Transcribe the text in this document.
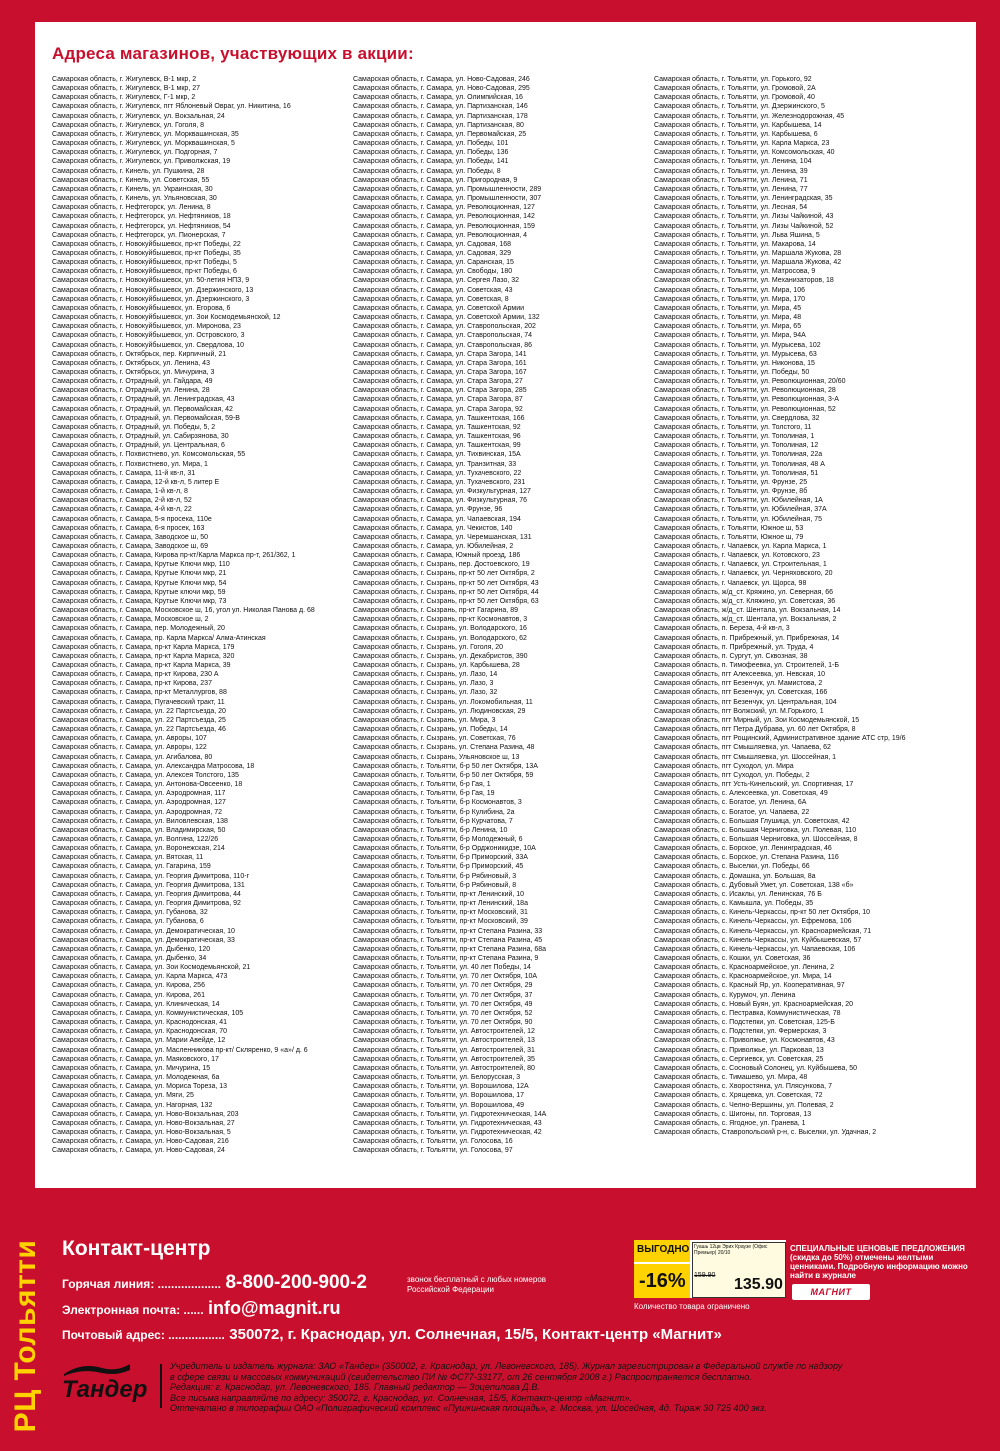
Адреса магазинов, участвующих в акции:
Самарская область, г. Жигулевск, В-1 мкр, 2
Самарская область, г. Жигулевск, В-1 мкр, 27
Самарская область, г. Жигулевск, Г-1 мкр, 2
Самарская область, г. Жигулевск, пгт Яблоневый Овраг, ул. Никитина, 16
Самарская область, г. Жигулевск, ул. Вокзальная, 24
Самарская область, г. Жигулевск, ул. Гоголя, 8
Самарская область, г. Жигулевск, ул. Морквашинская, 35
Самарская область, г. Жигулевск, ул. Морквашинская, 5
Самарская область, г. Жигулевск, ул. Подгорная, 7
Самарская область, г. Жигулевск, ул. Приволжская, 19
Самарская область, г. Кинель, ул. Пушкина, 28
Самарская область, г. Кинель, ул. Советская, 55
Самарская область, г. Кинель, ул. Украинская, 30
Самарская область, г. Кинель, ул. Ульяновская, 30
Самарская область, г. Нефтегорск, ул. Ленина, 8
Самарская область, г. Нефтегорск, ул. Нефтяников, 18
Самарская область, г. Нефтегорск, ул. Нефтяников, 54
Самарская область, г. Нефтегорск, ул. Пионерская, 7
Самарская область, г. Новокуйбышевск, пр-кт Победы, 22
Самарская область, г. Новокуйбышевск, пр-кт Победы, 35
Самарская область, г. Новокуйбышевск, пр-кт Победы, 5
Самарская область, г. Новокуйбышевск, пр-кт Победы, 6
Самарская область, г. Новокуйбышевск, ул. 50-летия НПЗ, 9
Самарская область, г. Новокуйбышевск, ул. Дзержинского, 13
Самарская область, г. Новокуйбышевск, ул. Дзержинского, 3
Самарская область, г. Новокуйбышевск, ул. Егорова, 6
Самарская область, г. Новокуйбышевск, ул. Зои Космодемьянской, 12
Самарская область, г. Новокуйбышевск, ул. Миронова, 23
Самарская область, г. Новокуйбышевск, ул. Островского, 3
Самарская область, г. Новокуйбышевск, ул. Свердлова, 10
Самарская область, г. Октябрьск, пер. Кирпичный, 21
Самарская область, г. Октябрьск, ул. Ленина, 43
Самарская область, г. Октябрьск, ул. Мичурина, 3
Самарская область, г. Отрадный, ул. Гайдара, 49
Самарская область, г. Отрадный, ул. Ленина, 28
Самарская область, г. Отрадный, ул. Ленинградская, 43
Самарская область, г. Отрадный, ул. Первомайская, 42
Самарская область, г. Отрадный, ул. Первомайская, 59-В
Самарская область, г. Отрадный, ул. Победы, 5, 2
Самарская область, г. Отрадный, ул. Сабирзянова, 30
Самарская область, г. Отрадный, ул. Центральная, 6
Самарская область, г. Похвистнево, ул. Комсомольская, 55
Самарская область, г. Похвистнево, ул. Мира, 1
Самарская область, г. Самара, 11-й кв-л, 31
Самарская область, г. Самара, 12-й кв-л, 5 литер Е
Самарская область, г. Самара, 1-й кв-л, 8
Самарская область, г. Самара, 2-й кв-л, 52
Самарская область, г. Самара, 4-й кв-л, 22
Самарская область, г. Самара, 5-я просека, 110е
Самарская область, г. Самара, 6-я просек, 163
Самарская область, г. Самара, Заводское ш, 50
Самарская область, г. Самара, Заводское ш, 69
Самарская область, г. Самара, Кирова пр-кт/Карла Маркса пр-т, 261/362, 1
Самарская область, г. Самара, Крутые Ключи мкр, 110
Самарская область, г. Самара, Крутые Ключи мкр, 21
Самарская область, г. Самара, Крутые Ключи мкр, 54
Самарская область, г. Самара, Крутые ключи мкр, 59
Самарская область, г. Самара, Крутые Ключи мкр, 73
Самарская область, г. Самара, Московское ш, 16, угол ул. Николая Панова д. 68
Самарская область, г. Самара, Московское ш, 2
Самарская область, г. Самара, пер. Молодежный, 20
Самарская область, г. Самара, пр. Карла Маркса/ Алма-Атинская
Самарская область, г. Самара, пр-кт Карла Маркса, 179
Самарская область, г. Самара, пр-кт Карла Маркса, 320
Самарская область, г. Самара, пр-кт Карла Маркса, 39
Самарская область, г. Самара, пр-кт Кирова, 230 А
Самарская область, г. Самара, пр-кт Кирова, 237
Самарская область, г. Самара, пр-кт Металлургов, 88
Самарская область, г. Самара, Пугачевский тракт, 11
Самарская область, г. Самара, ул. 22 Партсъезда, 20
Самарская область, г. Самара, ул. 22 Партсъезда, 25
Самарская область, г. Самара, ул. 22 Партсъезда, 46
Самарская область, г. Самара, ул. Авроры, 107
Самарская область, г. Самара, ул. Авроры, 122
Самарская область, г. Самара, ул. Агибалова, 80
Самарская область, г. Самара, ул. Александра Матросова, 18
Самарская область, г. Самара, ул. Алексея Толстого, 135
Самарская область, г. Самара, ул. Антонова-Овсеенко, 18
Самарская область, г. Самара, ул. Аэродромная, 117
Самарская область, г. Самара, ул. Аэродромная, 127
Самарская область, г. Самара, ул. Аэродромная, 72
Самарская область, г. Самара, ул. Виловлевская, 138
Самарская область, г. Самара, ул. Владимирская, 50
Самарская область, г. Самара, ул. Волгина, 122/26
Самарская область, г. Самара, ул. Воронежская, 214
Самарская область, г. Самара, ул. Вятская, 11
Самарская область, г. Самара, ул. Гагарина, 159
Самарская область, г. Самара, ул. Георгия Димитрова, 110-г
Самарская область, г. Самара, ул. Георгия Димитрова, 131
Самарская область, г. Самара, ул. Георгия Димитрова, 44
Самарская область, г. Самара, ул. Георгия Димитрова, 92
Самарская область, г. Самара, ул. Губанова, 32
Самарская область, г. Самара, ул. Губанова, 6
Самарская область, г. Самара, ул. Демократическая, 10
Самарская область, г. Самара, ул. Демократическая, 33
Самарская область, г. Самара, ул. Дыбенко, 120
Самарская область, г. Самара, ул. Дыбенко, 34
Самарская область, г. Самара, ул. Зои Космодемьянской, 21
Самарская область, г. Самара, ул. Карла Маркса, 473
Самарская область, г. Самара, ул. Кирова, 256
Самарская область, г. Самара, ул. Кирова, 261
Самарская область, г. Самара, ул. Клиническая, 14
Самарская область, г. Самара, ул. Коммунистическая, 105
Самарская область, г. Самара, ул. Краснодонская, 41
Самарская область, г. Самара, ул. Краснодонская, 70
Самарская область, г. Самара, ул. Марии Авейде, 12
Самарская область, г. Самара, ул. Масленникова пр-кт/ Скляренко, 9 «а»/ д. 6
Самарская область, г. Самара, ул. Маяковского, 17
Самарская область, г. Самара, ул. Мичурина, 15
Самарская область, г. Самара, ул. Молодежная, 6а
Самарская область, г. Самара, ул. Мориса Тореза, 13
Самарская область, г. Самара, ул. Мяги, 25
Самарская область, г. Самара, ул. Нагорная, 132
Самарская область, г. Самара, ул. Ново-Вокзальная, 203
Самарская область, г. Самара, ул. Ново-Вокзальная, 27
Самарская область, г. Самара, ул. Ново-Вокзальная, 5
Самарская область, г. Самара, ул. Ново-Садовая, 216
Самарская область, г. Самара, ул. Ново-Садовая, 24
Самарская область, г. Самара, ул. Ново-Садовая, 246
Самарская область, г. Самара, ул. Ново-Садовая, 295
Самарская область, г. Самара, ул. Олимпийская, 16
Самарская область, г. Самара, ул. Партизанская, 146
Самарская область, г. Самара, ул. Партизанская, 178
Самарская область, г. Самара, ул. Партизанская, 80
Самарская область, г. Самара, ул. Первомайская, 25
Самарская область, г. Самара, ул. Победы, 101
Самарская область, г. Самара, ул. Победы, 136
Самарская область, г. Самара, ул. Победы, 141
Самарская область, г. Самара, ул. Победы, 8
Самарская область, г. Самара, ул. Пригородная, 9
Самарская область, г. Самара, ул. Промышленности, 289
Самарская область, г. Самара, ул. Промышленности, 307
Самарская область, г. Самара, ул. Революционная, 127
Самарская область, г. Самара, ул. Революционная, 142
Самарская область, г. Самара, ул. Революционная, 159
Самарская область, г. Самара, ул. Революционная, 4
Самарская область, г. Самара, ул. Садовая, 168
Самарская область, г. Самара, ул. Садовая, 329
Самарская область, г. Самара, ул. Саранская, 15
Самарская область, г. Самара, ул. Свободы, 180
Самарская область, г. Самара, ул. Сергея Лазо, 32
Самарская область, г. Самара, ул. Советская, 43
Самарская область, г. Самара, ул. Советская, 8
Самарская область, г. Самара, ул. Советской Армии
Самарская область, г. Самара, ул. Советской Армии, 132
Самарская область, г. Самара, ул. Ставропольская, 202
Самарская область, г. Самара, ул. Ставропольская, 74
Самарская область, г. Самара, ул. Ставропольская, 86
Самарская область, г. Самара, ул. Стара Загора, 141
Самарская область, г. Самара, ул. Стара Загора, 161
Самарская область, г. Самара, ул. Стара Загора, 167
Самарская область, г. Самара, ул. Стара Загора, 27
Самарская область, г. Самара, ул. Стара Загора, 285
Самарская область, г. Самара, ул. Стара Загора, 87
Самарская область, г. Самара, ул. Стара Загора, 92
Самарская область, г. Самара, ул. Ташкентская, 166
Самарская область, г. Самара, ул. Ташкентская, 92
Самарская область, г. Самара, ул. Ташкентская, 96
Самарская область, г. Самара, ул. Ташкентская, 99
Самарская область, г. Самара, ул. Тихвинская, 15А
Самарская область, г. Самара, ул. Транзитная, 33
Самарская область, г. Самара, ул. Тухачевского, 22
Самарская область, г. Самара, ул. Тухачевского, 231
Самарская область, г. Самара, ул. Физкультурная, 127
Самарская область, г. Самара, ул. Физкультурная, 76
Самарская область, г. Самара, ул. Фрунзе, 96
Самарская область, г. Самара, ул. Чапаевская, 194
Самарская область, г. Самара, ул. Чекистов, 140
Самарская область, г. Самара, ул. Черемшанская, 131
Самарская область, г. Самара, ул. Юбилейная, 2
Самарская область, г. Самара, Южный проезд, 186
Самарская область, г. Сызрань, пер. Достоевского, 19
Самарская область, г. Сызрань, пр-кт 50 лет Октября, 2
Самарская область, г. Сызрань, пр-кт 50 лет Октября, 43
Самарская область, г. Сызрань, пр-кт 50 лет Октября, 44
Самарская область, г. Сызрань, пр-кт 50 лет Октября, 63
Самарская область, г. Сызрань, пр-кт Гагарина, 89
Самарская область, г. Сызрань, пр-кт Космонавтов, 3
Самарская область, г. Сызрань, ул. Володарского, 16
Самарская область, г. Сызрань, ул. Володарского, 62
Самарская область, г. Сызрань, ул. Гоголя, 20
Самарская область, г. Сызрань, ул. Декабристов, 390
Самарская область, г. Сызрань, ул. Карбышева, 28
Самарская область, г. Сызрань, ул. Лазо, 14
Самарская область, г. Сызрань, ул. Лазо, 3
Самарская область, г. Сызрань, ул. Лазо, 32
Самарская область, г. Сызрань, ул. Локомобильная, 11
Самарская область, г. Сызрань, ул. Людиновская, 29
Самарская область, г. Сызрань, ул. Мира, 3
Самарская область, г. Сызрань, ул. Победы, 14
Самарская область, г. Сызрань, ул. Советская, 76
Самарская область, г. Сызрань, ул. Степана Разина, 48
Самарская область, г. Сызрань, Ульяновское ш, 13
Самарская область, г. Тольятти, б-р 50 лет Октября, 13А
Самарская область, г. Тольятти, б-р 50 лет Октября, 59
Самарская область, г. Тольятти, б-р Гая, 1
Самарская область, г. Тольятти, б-р Гая, 19
Самарская область, г. Тольятти, б-р Космонавтов, 3
Самарская область, г. Тольятти, б-р Кулибина, 2а
Самарская область, г. Тольятти, б-р Курчатова, 7
Самарская область, г. Тольятти, б-р Ленина, 10
Самарская область, г. Тольятти, б-р Молодежный, 6
Самарская область, г. Тольятти, б-р Орджоникидзе, 10А
Самарская область, г. Тольятти, б-р Приморский, 33А
Самарская область, г. Тольятти, б-р Приморский, 45
Самарская область, г. Тольятти, б-р Рябиновый, 3
Самарская область, г. Тольятти, б-р Рябиновый, 8
Самарская область, г. Тольятти, пр-кт Ленинский, 10
Самарская область, г. Тольятти, пр-кт Ленинский, 18а
Самарская область, г. Тольятти, пр-кт Московский, 31
Самарская область, г. Тольятти, пр-кт Московский, 39
Самарская область, г. Тольятти, пр-кт Степана Разина, 33
Самарская область, г. Тольятти, пр-кт Степана Разина, 45
Самарская область, г. Тольятти, пр-кт Степана Разина, 68а
Самарская область, г. Тольятти, пр-кт Степана Разина, 9
Самарская область, г. Тольятти, ул. 40 лет Победы, 14
Самарская область, г. Тольятти, ул. 70 лет Октября, 10А
Самарская область, г. Тольятти, ул. 70 лет Октября, 29
Самарская область, г. Тольятти, ул. 70 лет Октября, 37
Самарская область, г. Тольятти, ул. 70 лет Октября, 49
Самарская область, г. Тольятти, ул. 70 лет Октября, 52
Самарская область, г. Тольятти, ул. 70 лет Октября, 90
Самарская область, г. Тольятти, ул. Автостроителей, 12
Самарская область, г. Тольятти, ул. Автостроителей, 13
Самарская область, г. Тольятти, ул. Автостроителей, 31
Самарская область, г. Тольятти, ул. Автостроителей, 35
Самарская область, г. Тольятти, ул. Автостроителей, 80
Самарская область, г. Тольятти, ул. Белорусская, 3
Самарская область, г. Тольятти, ул. Ворошилова, 12А
Самарская область, г. Тольятти, ул. Ворошилова, 17
Самарская область, г. Тольятти, ул. Ворошилова, 49
Самарская область, г. Тольятти, ул. Гидротехническая, 14А
Самарская область, г. Тольятти, ул. Гидротехническая, 43
Самарская область, г. Тольятти, ул. Гидротехническая, 42
Самарская область, г. Тольятти, ул. Голосова, 16
Самарская область, г. Тольятти, ул. Голосова, 97
Самарская область, г. Тольятти, ул. Горького, 92
Самарская область, г. Тольятти, ул. Громовой, 2А
Самарская область, г. Тольятти, ул. Громовой, 40
Самарская область, г. Тольятти, ул. Дзержинского, 5
Самарская область, г. Тольятти, ул. Железнодорожная, 45
Самарская область, г. Тольятти, ул. Карбышева, 14
Самарская область, г. Тольятти, ул. Карбышева, 6
Самарская область, г. Тольятти, ул. Карла Маркса, 23
Самарская область, г. Тольятти, ул. Комсомольская, 40
Самарская область, г. Тольятти, ул. Ленина, 104
Самарская область, г. Тольятти, ул. Ленина, 39
Самарская область, г. Тольятти, ул. Ленина, 71
Самарская область, г. Тольятти, ул. Ленина, 77
Самарская область, г. Тольятти, ул. Ленинградская, 35
Самарская область, г. Тольятти, ул. Лесная, 54
Самарская область, г. Тольятти, ул. Лизы Чайкиной, 43
Самарская область, г. Тольятти, ул. Лизы Чайкиной, 52
Самарская область, г. Тольятти, ул. Льва Яшина, 5
Самарская область, г. Тольятти, ул. Макарова, 14
Самарская область, г. Тольятти, ул. Маршала Жукова, 28
Самарская область, г. Тольятти, ул. Маршала Жукова, 42
Самарская область, г. Тольятти, ул. Матросова, 9
Самарская область, г. Тольятти, ул. Механизаторов, 18
Самарская область, г. Тольятти, ул. Мира, 106
Самарская область, г. Тольятти, ул. Мира, 170
Самарская область, г. Тольятти, ул. Мира, 45
Самарская область, г. Тольятти, ул. Мира, 48
Самарская область, г. Тольятти, ул. Мира, 65
Самарская область, г. Тольятти, ул. Мира, 94А
Самарская область, г. Тольятти, ул. Мурысева, 102
Самарская область, г. Тольятти, ул. Мурысева, 63
Самарская область, г. Тольятти, ул. Никонова, 15
Самарская область, г. Тольятти, ул. Победы, 50
Самарская область, г. Тольятти, ул. Революционная, 20/60
Самарская область, г. Тольятти, ул. Революционная, 28
Самарская область, г. Тольятти, ул. Революционная, 3-А
Самарская область, г. Тольятти, ул. Революционная, 52
Самарская область, г. Тольятти, ул. Свердлова, 32
Самарская область, г. Тольятти, ул. Толстого, 11
Самарская область, г. Тольятти, ул. Тополиная, 1
Самарская область, г. Тольятти, ул. Тополиная, 12
Самарская область, г. Тольятти, ул. Тополиная, 22а
Самарская область, г. Тольятти, ул. Тополиная, 48 А
Самарская область, г. Тольятти, ул. Тополиная, 51
Самарская область, г. Тольятти, ул. Фрунзе, 25
Самарская область, г. Тольятти, ул. Фрунзе, 8б
Самарская область, г. Тольятти, ул. Юбилейная, 1А
Самарская область, г. Тольятти, ул. Юбилейная, 37А
Самарская область, г. Тольятти, ул. Юбилейная, 75
Самарская область, г. Тольятти, Южное ш, 53
Самарская область, г. Тольятти, Южное ш, 79
Самарская область, г. Чапаевск, ул. Карла Маркса, 1
Самарская область, г. Чапаевск, ул. Котовского, 23
Самарская область, г. Чапаевск, ул. Строительная, 1
Самарская область, г. Чапаевск, ул. Черняховского, 20
Самарская область, г. Чапаевск, ул. Щорса, 98
Самарская область, ж/д_ст. Кряжино, ул. Северная, 66
Самарская область, ж/д_ст. Кляжино, ул. Советская, 36
Самарская область, ж/д_ст. Шентала, ул. Вокзальная, 14
Самарская область, ж/д_ст. Шентала, ул. Вокзальная, 2
Самарская область, п. Береза, 4-й кв-л, 3
Самарская область, п. Прибрежный, ул. Прибрежная, 14
Самарская область, п. Прибрежный, ул. Труда, 4
Самарская область, п. Сургут, ул. Сквозная, 38
Самарская область, п. Тимофеевка, ул. Строителей, 1-Б
Самарская область, пгт Алексеевка, ул. Невская, 10
Самарская область, пгт Безенчук, ул. Мамистова, 2
Самарская область, пгт Безенчук, ул. Советская, 166
Самарская область, пгт Безенчук, ул. Центральная, 104
Самарская область, пгт Волжский, ул. М.Горького, 1
Самарская область, пгт Мирный, ул. Зои Космодемьянской, 15
Самарская область, пгт Петра Дубрава, ул. 60 лет Октября, 8
Самарская область, пгт Рощинский, Административное здание АТС стр, 19/6
Самарская область, пгт Смышляевка, ул. Чапаева, 62
Самарская область, пгт Смышляевка, ул. Шоссейная, 1
Самарская область, пгт Суходол, ул. Мира
Самарская область, пгт Суходол, ул. Победы, 2
Самарская область, пгт Усть-Кинельский, ул. Спортивная, 17
Самарская область, с. Алексеевка, ул. Советская, 49
Самарская область, с. Богатое, ул. Ленина, 6А
Самарская область, с. Богатое, ул. Чапаева, 22
Самарская область, с. Большая Глушица, ул. Советская, 42
Самарская область, с. Большая Черниговка, ул. Полевая, 110
Самарская область, с. Большая Черниговка, ул. Шоссейная, 8
Самарская область, с. Борское, ул. Ленинградская, 46
Самарская область, с. Борское, ул. Степана Разина, 116
Самарская область, с. Выселки, ул. Победы, 66
Самарская область, с. Домашка, ул. Большая, 8а
Самарская область, с. Дубовый Умет, ул. Советская, 138 «б»
Самарская область, с. Исаклы, ул. Ленинская, 76 Б
Самарская область, с. Камышла, ул. Победы, 35
Самарская область, с. Кинель-Черкассы, пр-кт 50 лет Октября, 10
Самарская область, с. Кинель-Черкассы, ул. Ефремова, 106
Самарская область, с. Кинель-Черкассы, ул. Красноармейская, 71
Самарская область, с. Кинель-Черкассы, ул. Куйбышевская, 57
Самарская область, с. Кинель-Черкассы, ул. Чапаевская, 106
Самарская область, с. Кошки, ул. Советская, 36
Самарская область, с. Красноармейское, ул. Ленина, 2
Самарская область, с. Красноармейское, ул. Мира, 14
Самарская область, с. Красный Яр, ул. Кооперативная, 97
Самарская область, с. Курумоч, ул. Ленина
Самарская область, с. Новый Буян, ул. Красноармейская, 20
Самарская область, с. Пестравка, Коммунистическая, 78
Самарская область, с. Подстепки, ул. Советская, 125-Б
Самарская область, с. Подстепки, ул. Фермерская, 3
Самарская область, с. Приволжье, ул. Космонавтов, 43
Самарская область, с. Приволжье, ул. Парковая, 13
Самарская область, с. Сергиевск, ул. Советская, 25
Самарская область, с. Сосновый Солонец, ул. Куйбышева, 50
Самарская область, с. Тимашево, ул. Мира, 48
Самарская область, с. Хворостянка, ул. Плясункова, 7
Самарская область, с. Хрящевка, ул. Советская, 72
Самарская область, с. Челно-Вершины, ул. Полевая, 2
Самарская область, с. Шигоны, пл. Торговая, 13
Самарская область, с. Ягодное, ул. Гранева, 1
Самарская область, Ставропольский р-н, с. Выселки, ул. Удачная, 2
РЦ Тольятти Контакт-центр
Горячая линия: ................... 8-800-200-900-2	звонок бесплатный с любых номеров Российской Федерации
Электронная почта: ...... info@magnit.ru
Почтовый адрес: ................. 350072, г. Краснодар, ул. Солнечная, 15/5, Контакт-центр «Магнит»
ВЫГОДНО
-16%
Гуашь 12цв Эрих Краузе (Офис Премьер) 20/10
159.90
135.90
Количество товара ограничено
СПЕЦИАЛЬНЫЕ ЦЕНОВЫЕ ПРЕДЛОЖЕНИЯ (скидка до 50%) отмечены желтыми ценниками. Подробную информацию можно найти в журнале
МАГНИТ
Тандер
Учредитель и издатель журнала: ЗАО «Тандер» (350002, г. Краснодар, ул. Левоневского, 185). Журнал зарегистрирован в Федеральной службе по надзору
в сфере связи и массовых коммуникаций (свидетельство ПИ № ФС77-33177, от 26 сентября 2008 г.) Распространяется бесплатно.
Редакция: г. Краснодар, ул. Левоневского, 185. Главный редактор — Зоцепилова Д.В.
Все письма направляйте по адресу: 350072, г. Краснодар, ул. Солнечная, 15/5, Контакт-центр «Магнит».
Отпечатано в типографии ОАО «Полиграфический комплекс «Пушкинская площадь», г. Москва, ул. Шосейная, 4д. Тираж 30 725 400 экз.
